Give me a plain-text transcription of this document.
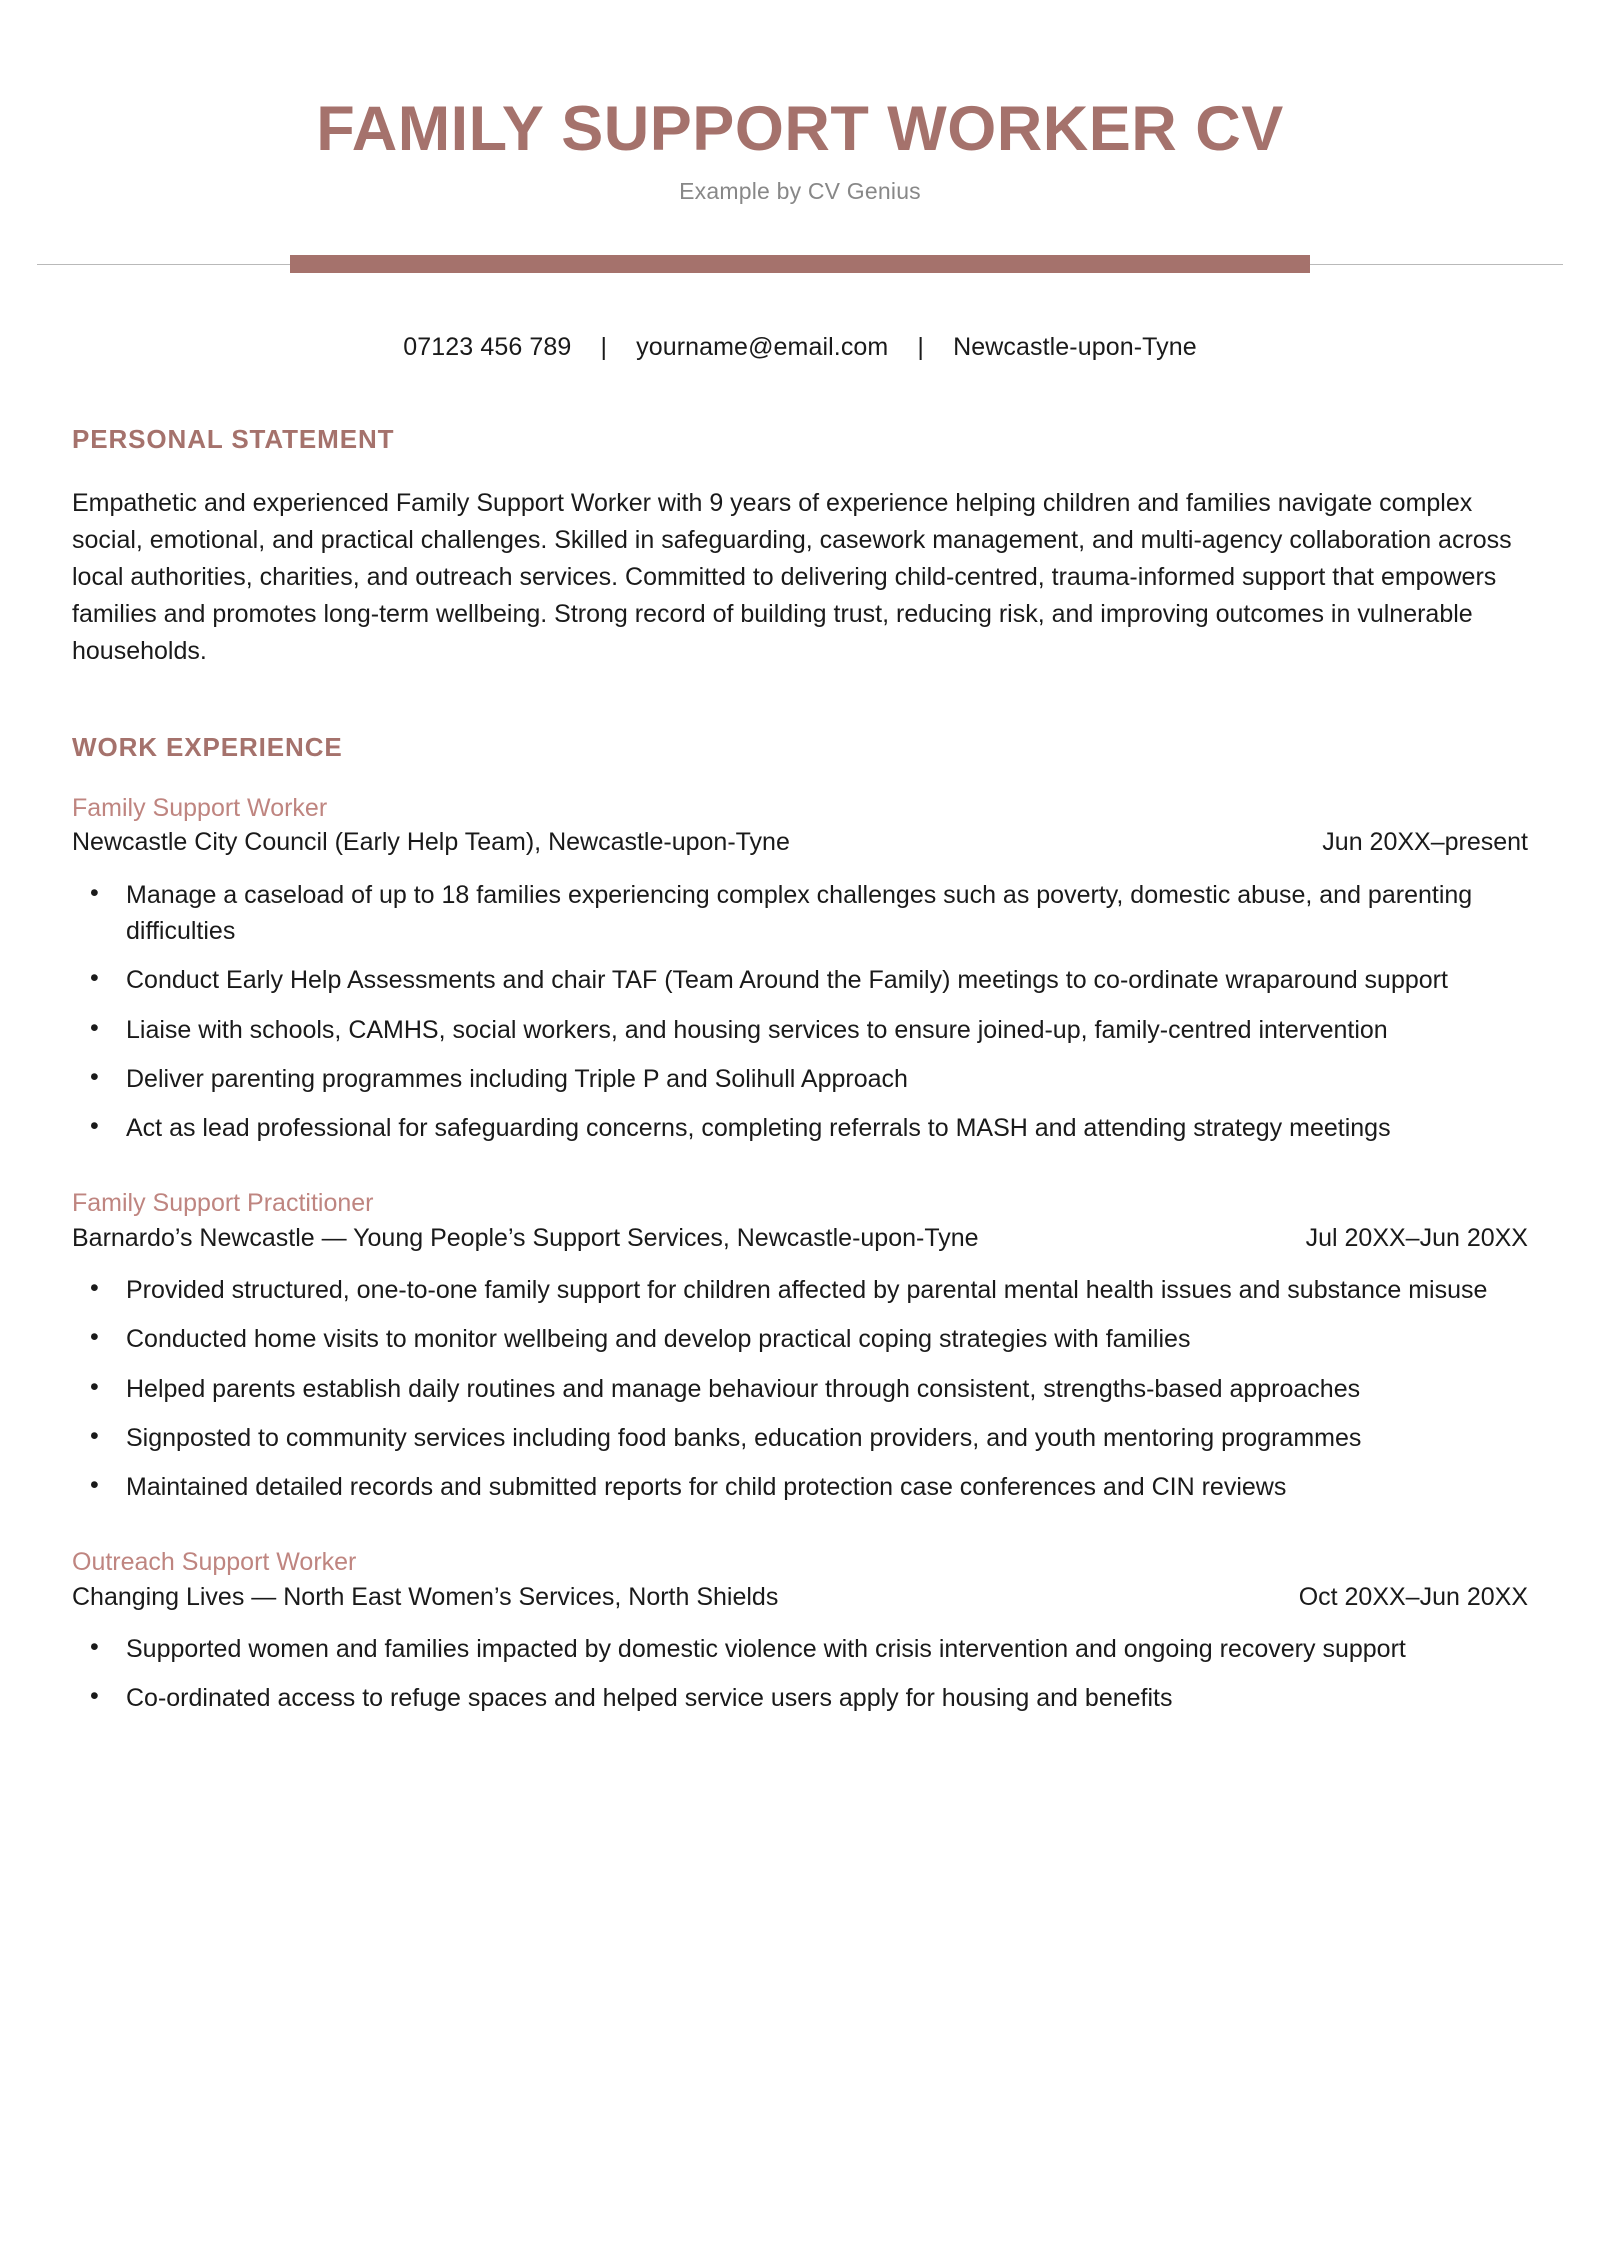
FAMILY SUPPORT WORKER CV

Example by CV Genius

07123 456 789 | yourname@email.com | Newcastle-upon-Tyne
PERSONAL STATEMENT

Empathetic and experienced Family Support Worker with 9 years of experience helping children and families navigate complex social, emotional, and practical challenges. Skilled in safeguarding, casework management, and multi-agency collaboration across local authorities, charities, and outreach services. Committed to delivering child-centred, trauma-informed support that empowers families and promotes long-term wellbeing. Strong record of building trust, reducing risk, and improving outcomes in vulnerable households.

WORK EXPERIENCE
Family Support Worker
Newcastle City Council (Early Help Team), Newcastle-upon-Tyne	Jun 20XX–present
• Manage a caseload of up to 18 families experiencing complex challenges such as poverty, domestic abuse, and parenting difficulties
• Conduct Early Help Assessments and chair TAF (Team Around the Family) meetings to co-ordinate wraparound support
• Liaise with schools, CAMHS, social workers, and housing services to ensure joined-up, family-centred intervention
• Deliver parenting programmes including Triple P and Solihull Approach
• Act as lead professional for safeguarding concerns, completing referrals to MASH and attending strategy meetings
Family Support Practitioner
Barnardo’s Newcastle — Young People’s Support Services, Newcastle-upon-Tyne	Jul 20XX–Jun 20XX
• Provided structured, one-to-one family support for children affected by parental mental health issues and substance misuse
• Conducted home visits to monitor wellbeing and develop practical coping strategies with families
• Helped parents establish daily routines and manage behaviour through consistent, strengths-based approaches
• Signposted to community services including food banks, education providers, and youth mentoring programmes
• Maintained detailed records and submitted reports for child protection case conferences and CIN reviews
Outreach Support Worker
Changing Lives — North East Women’s Services, North Shields	Oct 20XX–Jun 20XX
• Supported women and families impacted by domestic violence with crisis intervention and ongoing recovery support
• Co-ordinated access to refuge spaces and helped service users apply for housing and benefits
